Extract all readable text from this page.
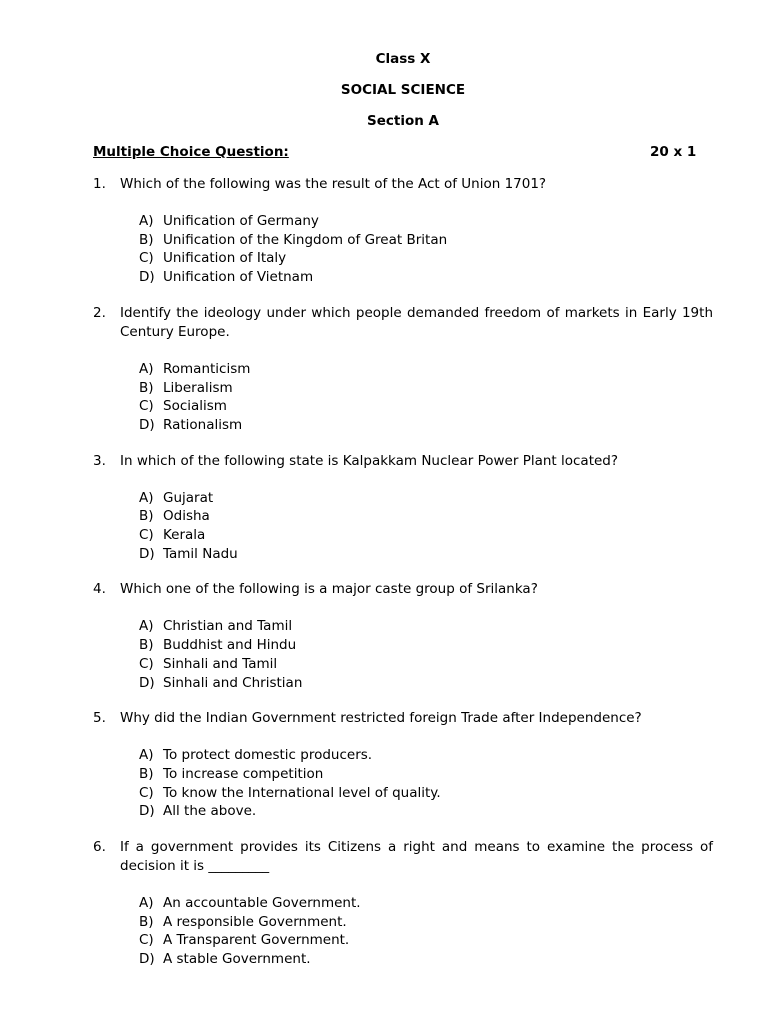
Class X
SOCIAL SCIENCE
Section A
Multiple Choice Question:	20 x 1
1.	Which of the following was the result of the Act of Union 1701?
A) Unification of Germany
B) Unification of the Kingdom of Great Britan
C) Unification of Italy
D) Unification of Vietnam
2.	Identify the ideology under which people demanded freedom of markets in Early 19th Century Europe.
A) Romanticism
B) Liberalism
C) Socialism
D) Rationalism
3.	In which of the following state is Kalpakkam Nuclear Power Plant located?
A) Gujarat
B) Odisha
C) Kerala
D) Tamil Nadu
4.	Which one of the following is a major caste group of Srilanka?
A) Christian and Tamil
B) Buddhist and Hindu
C) Sinhali and Tamil
D) Sinhali and Christian
5.	Why did the Indian Government restricted foreign Trade after Independence?
A) To protect domestic producers.
B) To increase competition
C) To know the International level of quality.
D) All the above.
6.	If a government provides its Citizens a right and means to examine the process of decision it is _________
A) An accountable Government.
B) A responsible Government.
C) A Transparent Government.
D) A stable Government.
